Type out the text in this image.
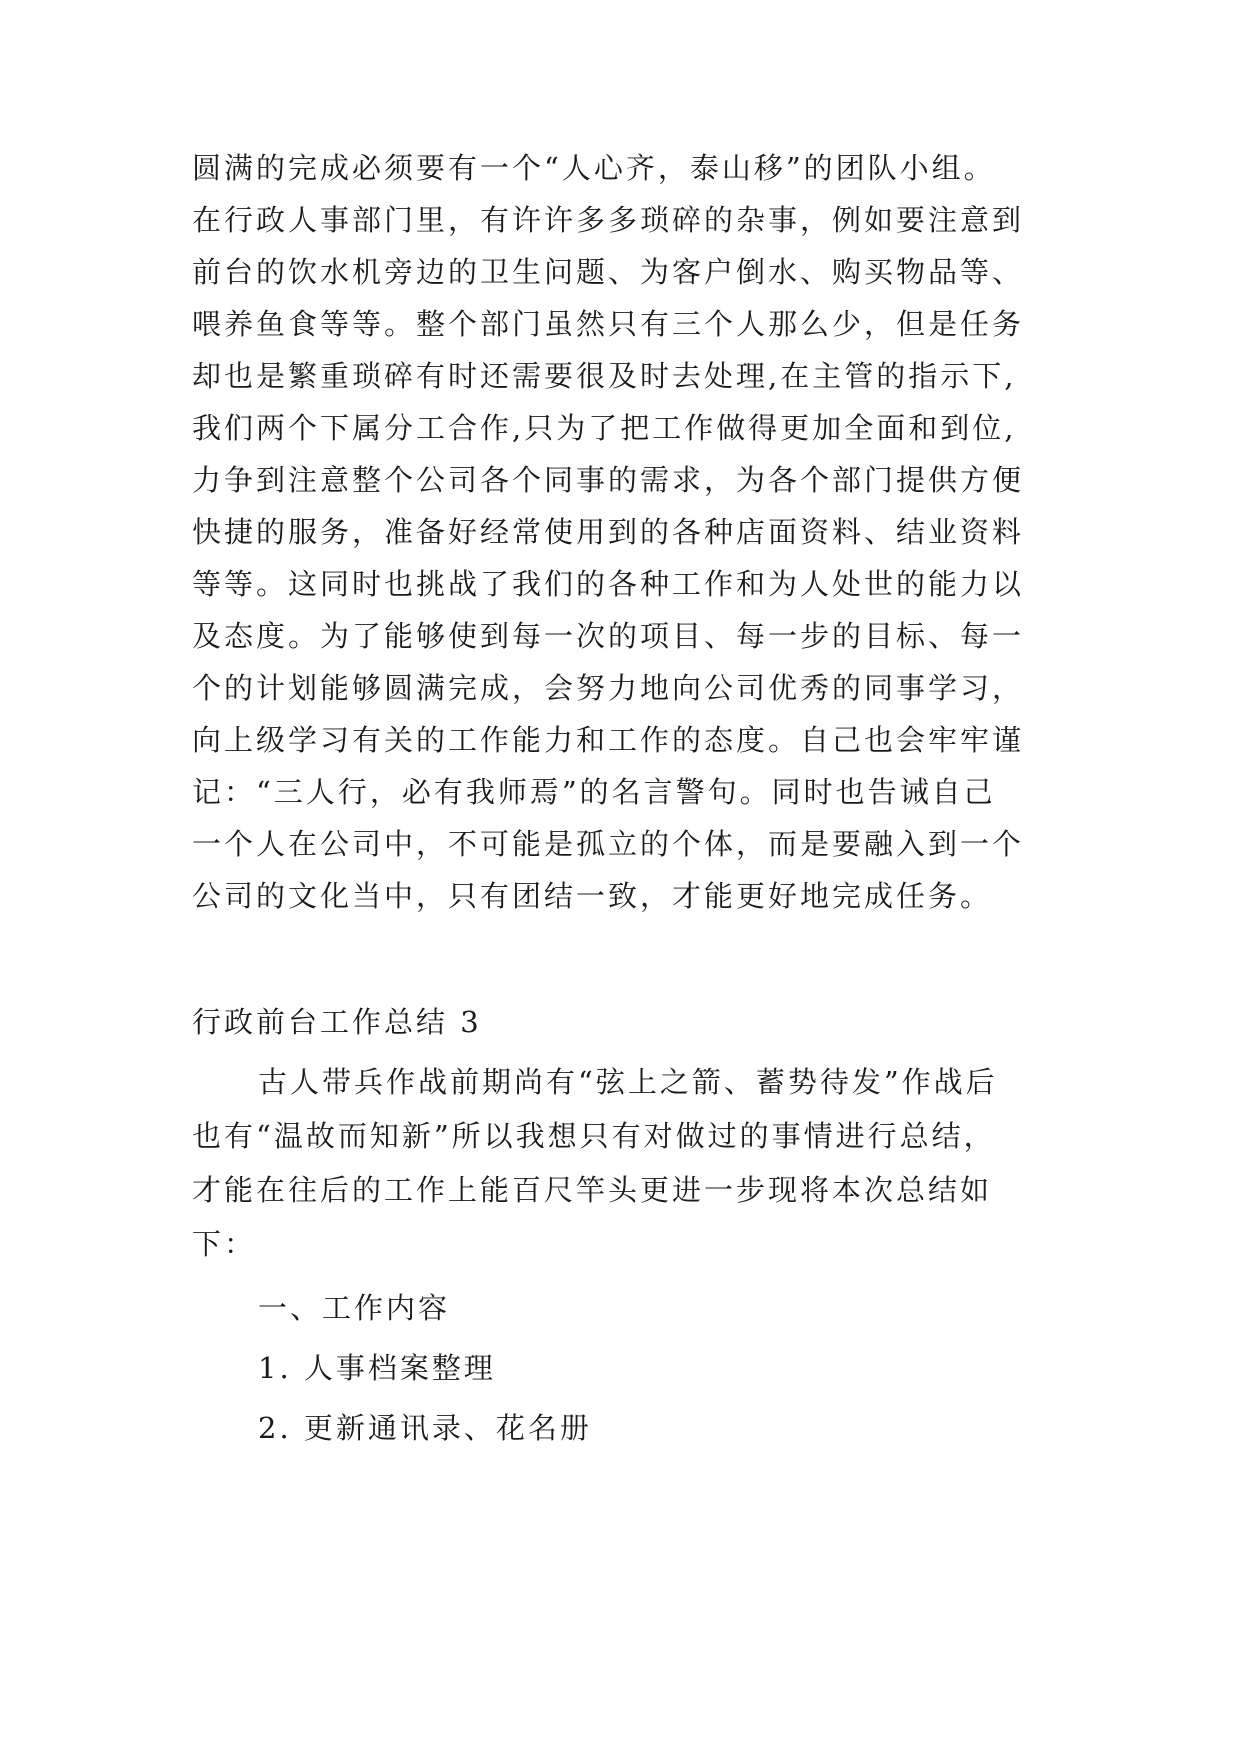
圆满的完成必须要有一个“人心齐，泰山移”的团队小组。
在行政人事部门里，有许许多多琐碎的杂事，例如要注意到
前台的饮水机旁边的卫生问题、为客户倒水、购买物品等、
喂养鱼食等等。整个部门虽然只有三个人那么少，但是任务
却也是繁重琐碎有时还需要很及时去处理,在主管的指示下,
我们两个下属分工合作,只为了把工作做得更加全面和到位,
力争到注意整个公司各个同事的需求，为各个部门提供方便
快捷的服务，准备好经常使用到的各种店面资料、结业资料
等等。这同时也挑战了我们的各种工作和为人处世的能力以
及态度。为了能够使到每一次的项目、每一步的目标、每一
个的计划能够圆满完成，会努力地向公司优秀的同事学习，
向上级学习有关的工作能力和工作的态度。自己也会牢牢谨
记：“三人行，必有我师焉”的名言警句。同时也告诫自己
一个人在公司中，不可能是孤立的个体，而是要融入到一个
公司的文化当中，只有团结一致，才能更好地完成任务。
行政前台工作总结 3
古人带兵作战前期尚有“弦上之箭、蓄势待发”作战后
也有“温故而知新”所以我想只有对做过的事情进行总结，
才能在往后的工作上能百尺竿头更进一步现将本次总结如
下：
一、工作内容
1. 人事档案整理
2. 更新通讯录、花名册
